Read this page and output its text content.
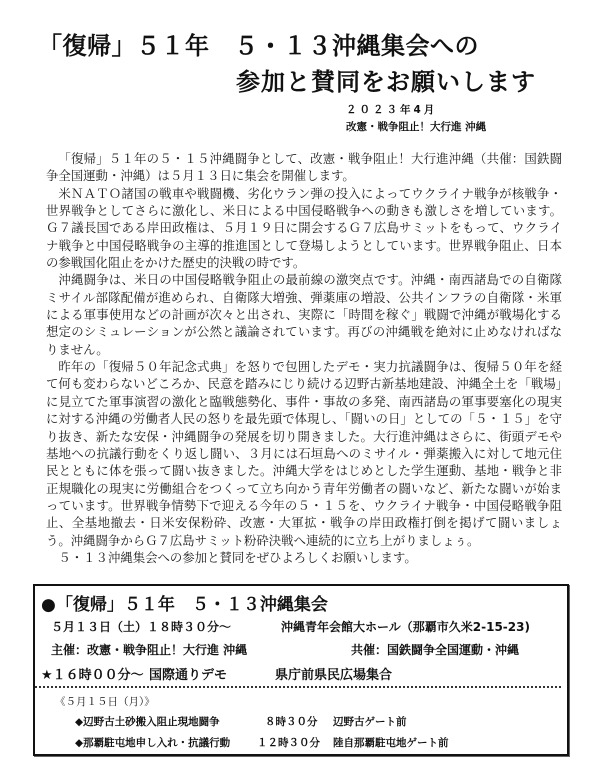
「復帰」５１年　５・１３沖縄集会への
参加と賛同をお願いします
２０２３年4月
改憲・戦争阻止！大行進 沖縄

「復帰」５１年の５・１５沖縄闘争として、改憲・戦争阻止！大行進沖縄（共催：国鉄闘争全国運動・沖縄）は５月１３日に集会を開催します。

米ＮＡＴＯ諸国の戦車や戦闘機、劣化ウラン弾の投入によってウクライナ戦争が核戦争・世界戦争としてさらに激化し、米日による中国侵略戦争への動きも激しさを増しています。Ｇ７議長国である岸田政権は、５月１９日に開会するＧ７広島サミットをもって、ウクライナ戦争と中国侵略戦争の主導的推進国として登場しようとしています。世界戦争阻止、日本の参戦国化阻止をかけた歴史的決戦の時です。

沖縄闘争は、米日の中国侵略戦争阻止の最前線の激突点です。沖縄・南西諸島での自衛隊ミサイル部隊配備が進められ、自衛隊大増強、弾薬庫の増設、公共インフラの自衛隊・米軍による軍事使用などの計画が次々と出され、実際に「時間を稼ぐ」戦闘で沖縄が戦場化する想定のシミュレーションが公然と議論されています。再びの沖縄戦を絶対に止めなければなりません。

昨年の「復帰５０年記念式典」を怒りで包囲したデモ・実力抗議闘争は、復帰５０年を経て何も変わらないどころか、民意を踏みにじり続ける辺野古新基地建設、沖縄全土を「戦場」に見立てた軍事演習の激化と臨戦態勢化、事件・事故の多発、南西諸島の軍事要塞化の現実に対する沖縄の労働者人民の怒りを最先頭で体現し、「闘いの日」としての「５・１５」を守り抜き、新たな安保・沖縄闘争の発展を切り開きました。大行進沖縄はさらに、街頭デモや基地への抗議行動をくり返し闘い、３月には石垣島へのミサイル・弾薬搬入に対して地元住民とともに体を張って闘い抜きました。沖縄大学をはじめとした学生運動、基地・戦争と非正規職化の現実に労働組合をつくって立ち向かう青年労働者の闘いなど、新たな闘いが始まっています。世界戦争情勢下で迎える今年の５・１５を、ウクライナ戦争・中国侵略戦争阻止、全基地撤去・日米安保粉砕、改憲・大軍拡・戦争の岸田政権打倒を掲げて闘いましょう。沖縄闘争からＧ７広島サミット粉砕決戦へ連続的に立ち上がりましょぅ。

５・１３沖縄集会への参加と賛同をぜひよろしくお願いします。

●「復帰」５１年　５・１３沖縄集会
５月１３日（土）１８時３０分～	沖縄青年会館大ホール（那覇市久米2-15-23)
主催：改憲・戦争阻止！大行進 沖縄	共催：国鉄闘争全国運動・沖縄
★１６時００分～ 国際通りデモ	県庁前県民広場集合
《５月１５日（月）》
◆辺野古土砂搬入阻止現地闘争	８時３０分 辺野古ゲート前
◆那覇駐屯地申し入れ・抗議行動	１２時３０分 陸自那覇駐屯地ゲート前
